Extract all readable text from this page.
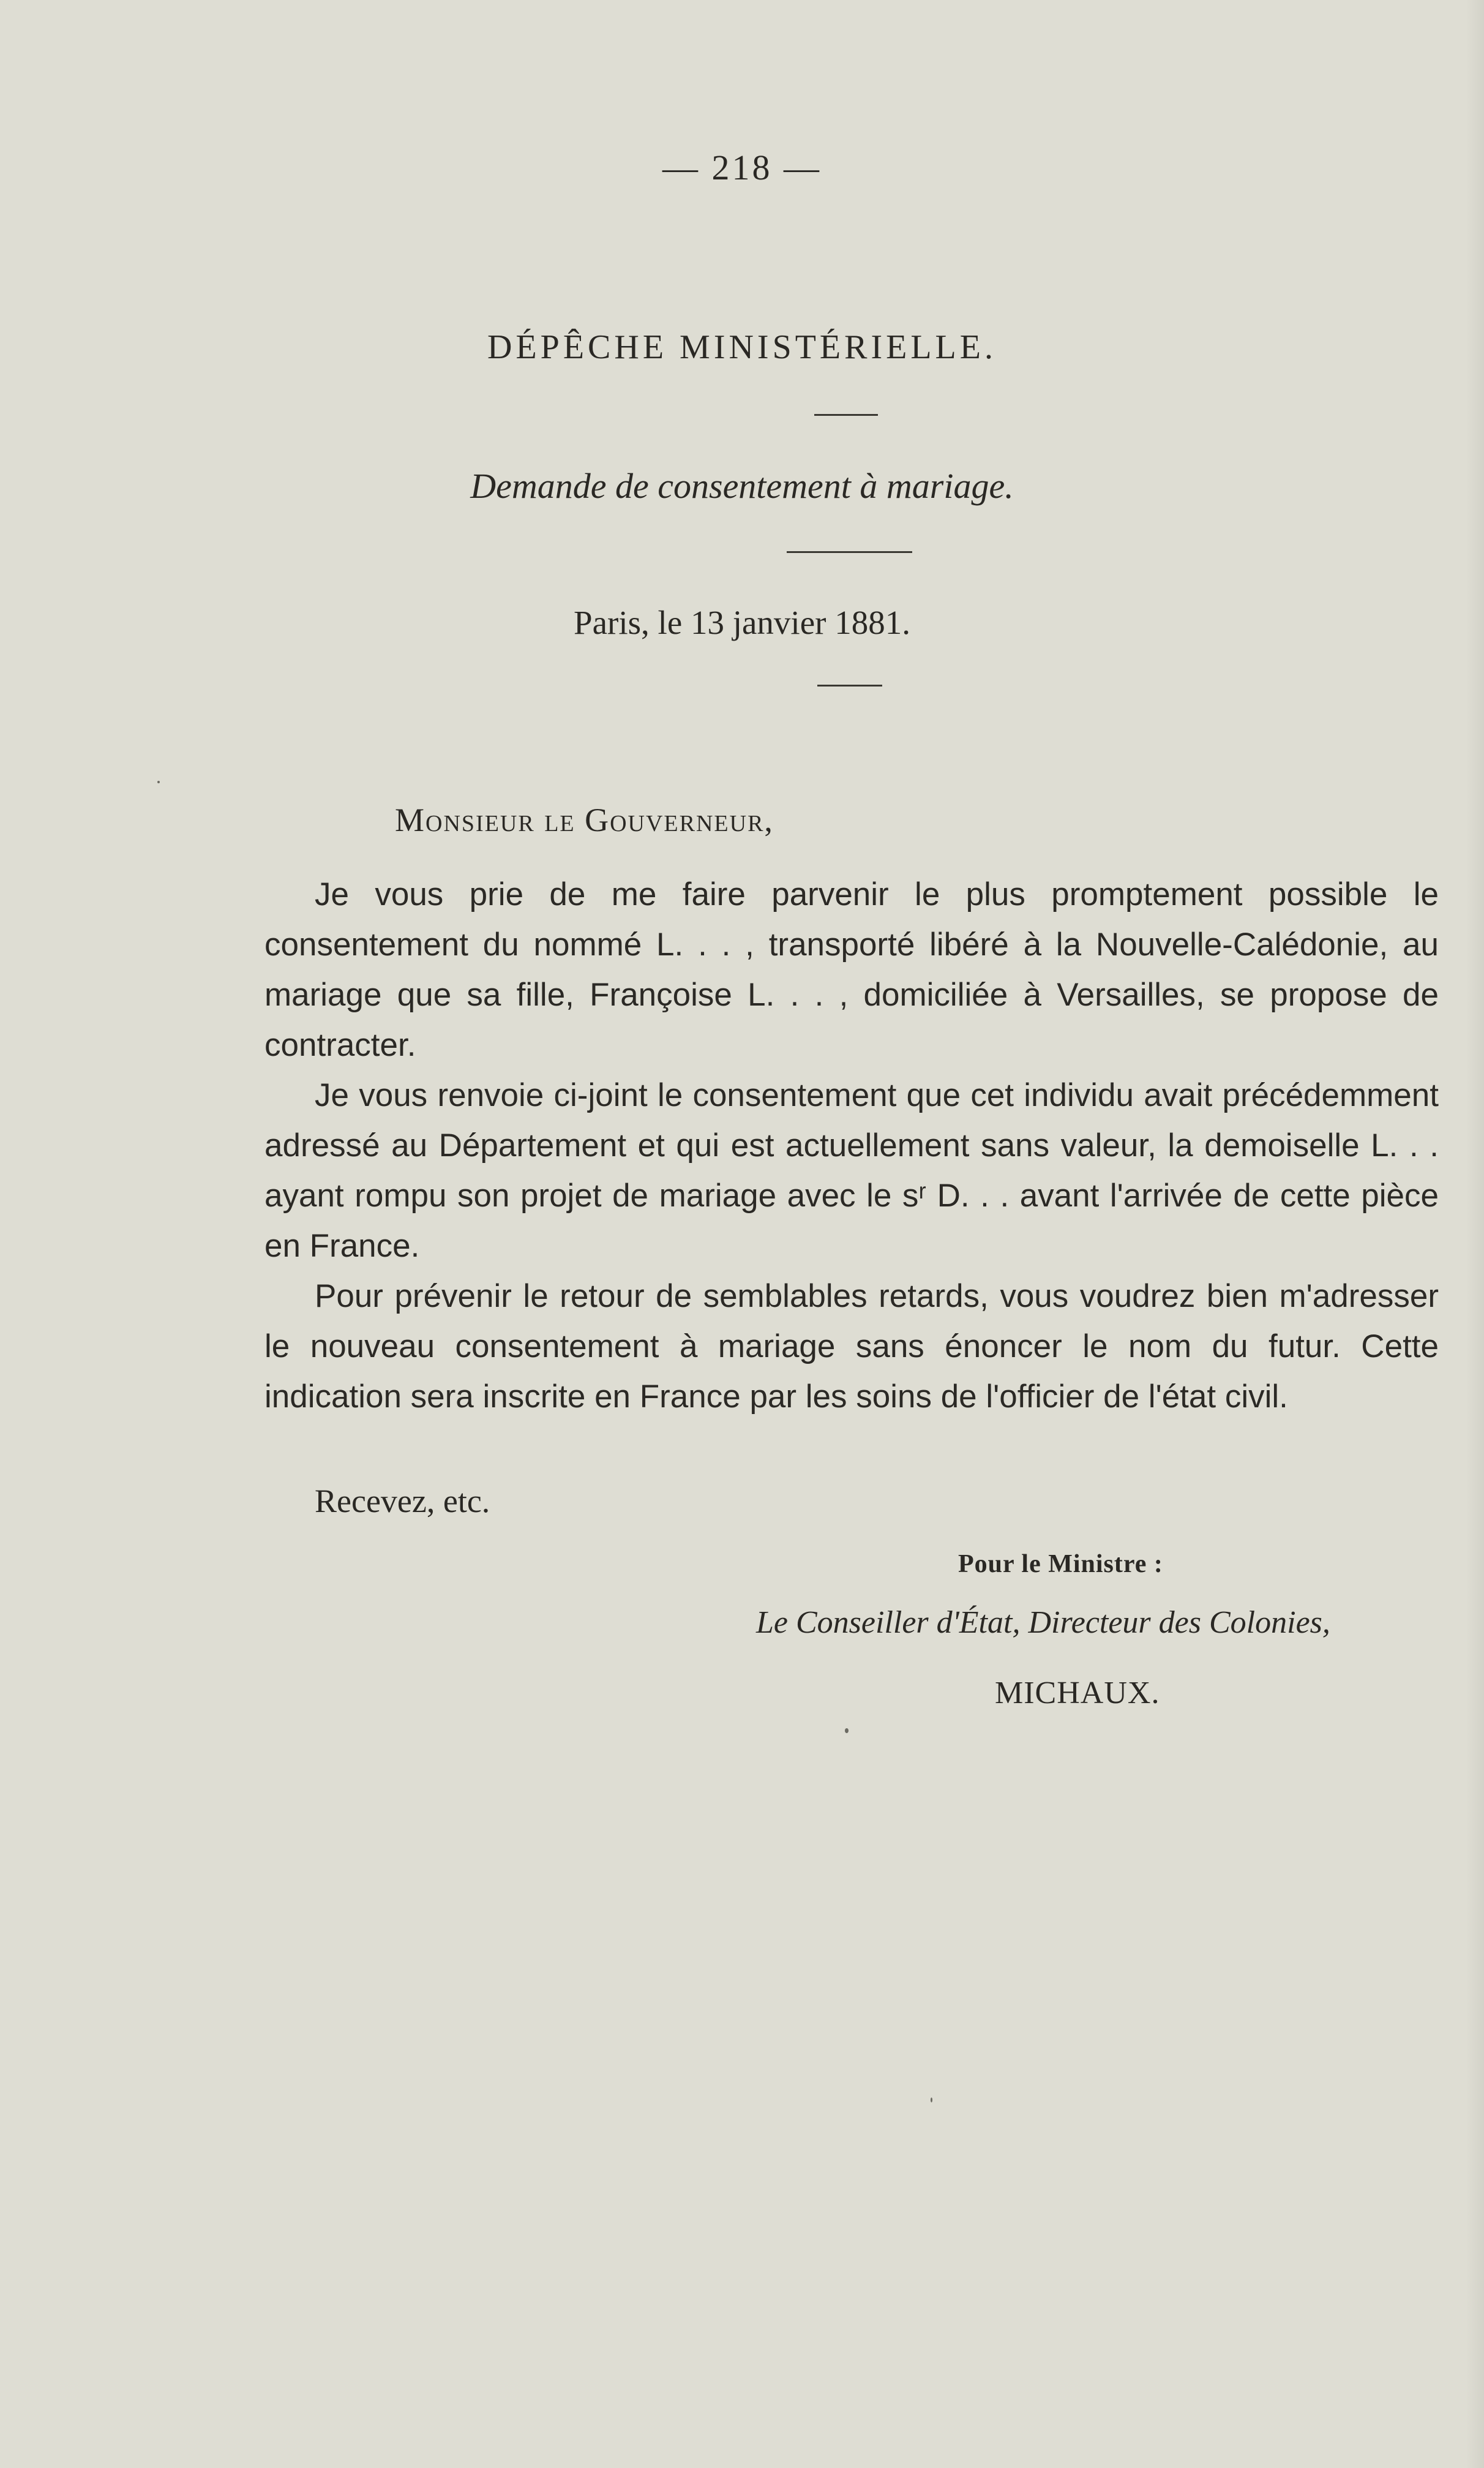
— 218 —
DÉPÊCHE MINISTÉRIELLE.
Demande de consentement à mariage.
Paris, le 13 janvier 1881.
Monsieur le Gouverneur,

Je vous prie de me faire parvenir le plus promptement possible le consentement du nommé L. . . , transporté libéré à la Nouvelle-Calédonie, au mariage que sa fille, Françoise L. . . , domiciliée à Versailles, se propose de contracter.

Je vous renvoie ci-joint le consentement que cet individu avait précédemment adressé au Département et qui est actuellement sans valeur, la demoiselle L. . . ayant rompu son projet de mariage avec le sʳ D. . . avant l'arrivée de cette pièce en France.

Pour prévenir le retour de semblables retards, vous voudrez bien m'adresser le nouveau consentement à mariage sans énoncer le nom du futur. Cette indication sera inscrite en France par les soins de l'officier de l'état civil.

Recevez, etc.
Pour le Ministre :
Le Conseiller d'État, Directeur des Colonies,
MICHAUX.
